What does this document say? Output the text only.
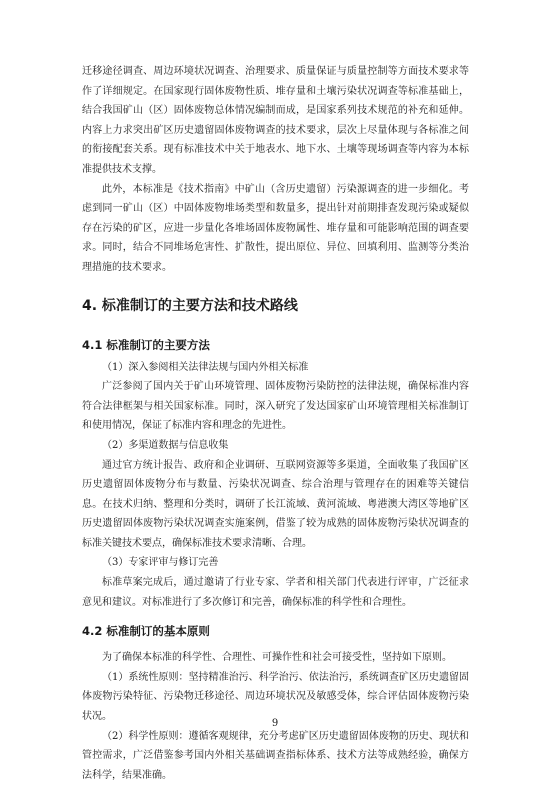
迁移途径调查、周边环境状况调查、治理要求、质量保证与质量控制等方面技术要求等作了详细规定。在国家现行固体废物性质、堆存量和土壤污染状况调查等标准基础上，结合我国矿山（区）固体废物总体情况编制而成，是国家系列技术规范的补充和延伸。内容上力求突出矿区历史遗留固体废物调查的技术要求，层次上尽量体现与各标准之间的衔接配套关系。现有标准技术中关于地表水、地下水、土壤等现场调查等内容为本标准提供技术支撑。

此外，本标准是《技术指南》中矿山（含历史遗留）污染源调查的进一步细化。考虑到同一矿山（区）中固体废物堆场类型和数量多，提出针对前期排查发现污染或疑似存在污染的矿区，应进一步量化各堆场固体废物属性、堆存量和可能影响范围的调查要求。同时，结合不同堆场危害性、扩散性，提出原位、异位、回填利用、监测等分类治理措施的技术要求。

4. 标准制订的主要方法和技术路线
4.1 标准制订的主要方法

（1）深入参阅相关法律法规与国内外相关标准

广泛参阅了国内关于矿山环境管理、固体废物污染防控的法律法规，确保标准内容符合法律框架与相关国家标准。同时，深入研究了发达国家矿山环境管理相关标准制订和使用情况，保证了标准内容和理念的先进性。

（2）多渠道数据与信息收集

通过官方统计报告、政府和企业调研、互联网资源等多渠道，全面收集了我国矿区历史遗留固体废物分布与数量、污染状况调查、综合治理与管理存在的困难等关键信息。在技术归纳、整理和分类时，调研了长江流域、黄河流域、粤港澳大湾区等地矿区历史遗留固体废物污染状况调查实施案例，借鉴了较为成熟的固体废物污染状况调查的标准关键技术要点，确保标准技术要求清晰、合理。

（3）专家评审与修订完善

标准草案完成后，通过邀请了行业专家、学者和相关部门代表进行评审，广泛征求意见和建议。对标准进行了多次修订和完善，确保标准的科学性和合理性。

4.2 标准制订的基本原则

为了确保本标准的科学性、合理性、可操作性和社会可接受性，坚持如下原则。

（1）系统性原则：坚持精准治污、科学治污、依法治污，系统调查矿区历史遗留固体废物污染特征、污染物迁移途径、周边环境状况及敏感受体，综合评估固体废物污染状况。

（2）科学性原则：遵循客观规律，充分考虑矿区历史遗留固体废物的历史、现状和管控需求，广泛借鉴参考国内外相关基础调查指标体系、技术方法等成熟经验，确保方法科学，结果准确。

9
